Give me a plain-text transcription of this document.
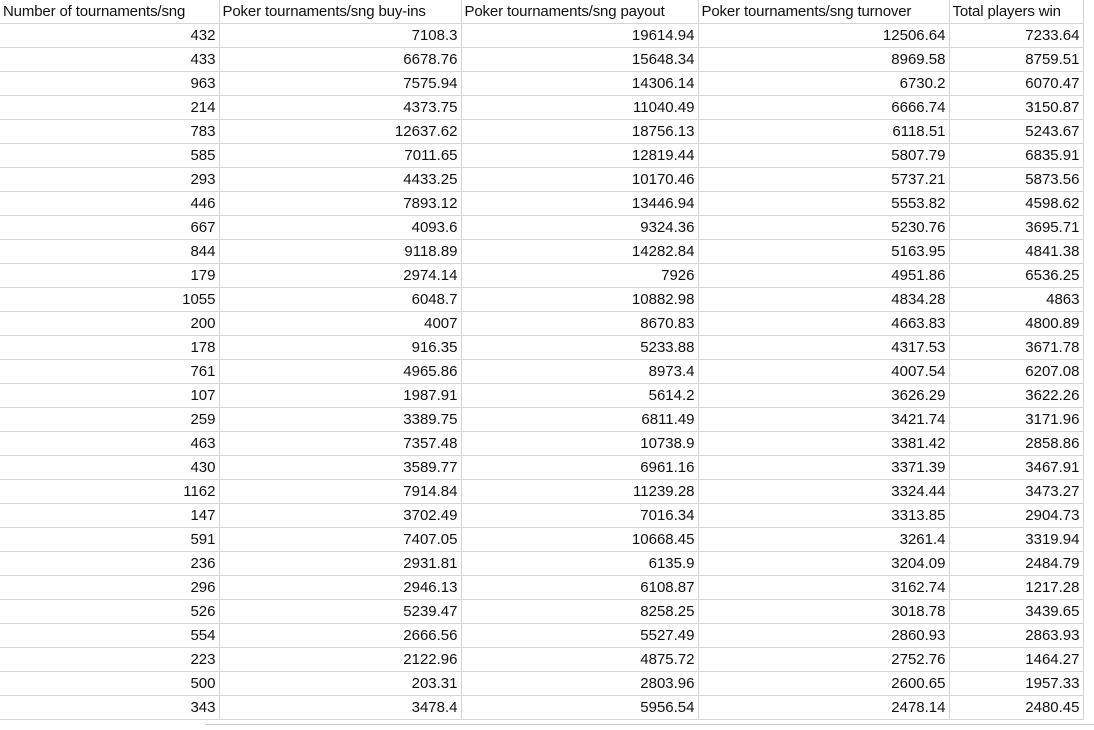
Number of tournaments/sng	Poker tournaments/sng buy-ins	Poker tournaments/sng payout	Poker tournaments/sng turnover	Total players win
432	7108.3	19614.94	12506.64	7233.64
433	6678.76	15648.34	8969.58	8759.51
963	7575.94	14306.14	6730.2	6070.47
214	4373.75	11040.49	6666.74	3150.87
783	12637.62	18756.13	6118.51	5243.67
585	7011.65	12819.44	5807.79	6835.91
293	4433.25	10170.46	5737.21	5873.56
446	7893.12	13446.94	5553.82	4598.62
667	4093.6	9324.36	5230.76	3695.71
844	9118.89	14282.84	5163.95	4841.38
179	2974.14	7926	4951.86	6536.25
1055	6048.7	10882.98	4834.28	4863
200	4007	8670.83	4663.83	4800.89
178	916.35	5233.88	4317.53	3671.78
761	4965.86	8973.4	4007.54	6207.08
107	1987.91	5614.2	3626.29	3622.26
259	3389.75	6811.49	3421.74	3171.96
463	7357.48	10738.9	3381.42	2858.86
430	3589.77	6961.16	3371.39	3467.91
1162	7914.84	11239.28	3324.44	3473.27
147	3702.49	7016.34	3313.85	2904.73
591	7407.05	10668.45	3261.4	3319.94
236	2931.81	6135.9	3204.09	2484.79
296	2946.13	6108.87	3162.74	1217.28
526	5239.47	8258.25	3018.78	3439.65
554	2666.56	5527.49	2860.93	2863.93
223	2122.96	4875.72	2752.76	1464.27
500	203.31	2803.96	2600.65	1957.33
343	3478.4	5956.54	2478.14	2480.45
